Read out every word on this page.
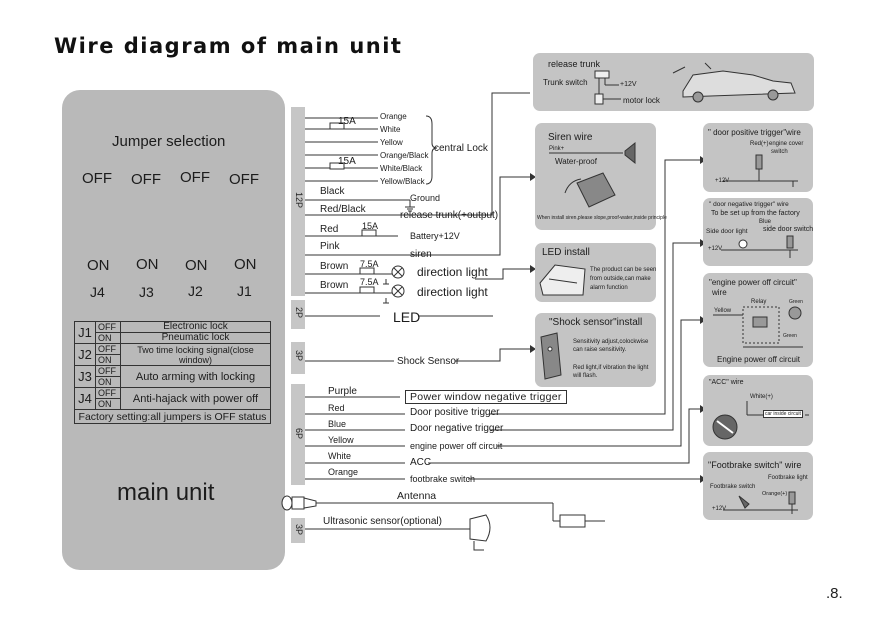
Wire diagram of main unit
Jumper selection
OFF OFF OFF OFF
ON ON ON ON
J4 J3 J2 J1
J1	OFF	Electronic lock
	ON	Pneumatic lock
J2	OFF	Two time locking signal(close window)
	ON	
J3	OFF	Auto arming with locking
	ON	
J4	OFF	Anti-hajack with power off
	ON	
Factory setting:all jumpers is OFF status		
main unit
12P
2P
3P
6P
3P
15A
15A
Orange
White
Yellow
Orange/Black
White/Black
Yellow/Black
central Lock
Black
Ground
Red/Black
release trunk(+output)
Red	15A
Battery+12V
Pink
siren
Brown 7.5A
direction light
Brown 7.5A
direction light
LED
Shock Sensor
Purple	Power window negative trigger
Red	Door positive trigger
Blue	Door negative trigger
Yellow
engine power off circuit
White
ACC
Orange
footbrake switch
Antenna
Ultrasonic sensor(optional)
release trunk
Trunk switch	+12V
motor lock
Siren wire
Pink+
Water-proof
When install siren,please slope,proof-water,inside principle
LED install
The product can be seen
from outside,can make
alarm function
"Shock sensor"install
Sensitivity adjust,colockwise
can raise sensitivity.
Red light,if vibration the light
will flash.
" door positive trigger"wire
Red(+) engine cover
switch
+12V
" door negative trigger" wire
To be set up from the factory
Blue
Side door light side door switch
+12V
"engine power off circuit"
wire
Yellow
Relay	Green
Green
Engine power off circuit
"ACC" wire
White(+)
car inside circuit
"Footbrake switch" wire
Footbrake light
Footbrake switch
Orange(+)
+12V
.8.
